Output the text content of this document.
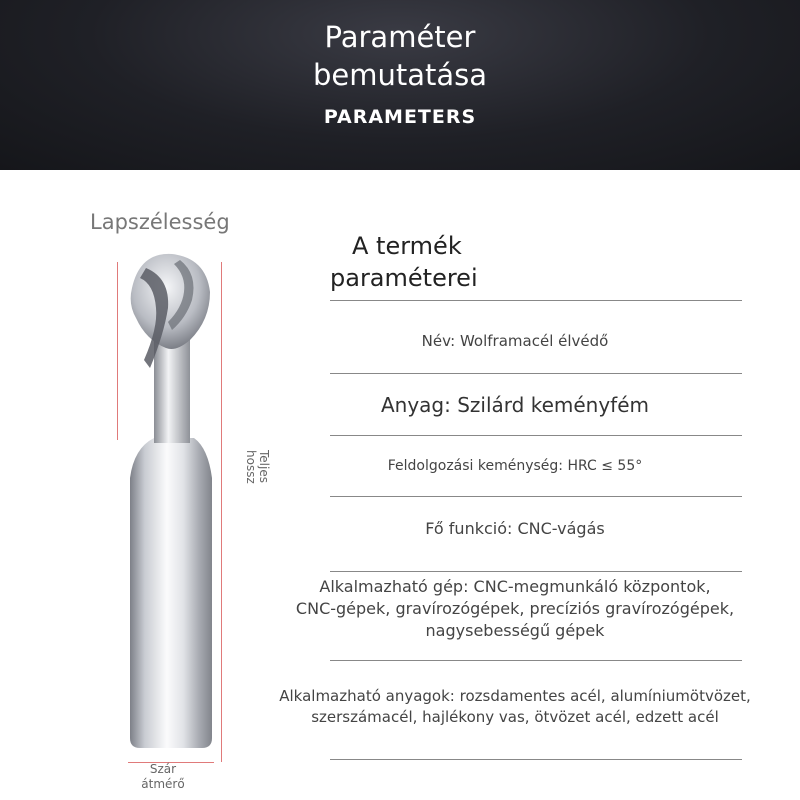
Paraméter
bemutatása
PARAMETERS
Lapszélesség
Teljes hossz
Szár
átmérő
A termék
paraméterei
Név: Wolframacél élvédő
Anyag: Szilárd keményfém
Feldolgozási keménység: HRC ≤ 55°
Fő funkció: CNC-vágás
Alkalmazható gép: CNC-megmunkáló központok,
CNC-gépek, gravírozógépek, precíziós gravírozógépek,
nagysebességű gépek
Alkalmazható anyagok: rozsdamentes acél, alumíniumötvözet,
szerszámacél, hajlékony vas, ötvözet acél, edzett acél
